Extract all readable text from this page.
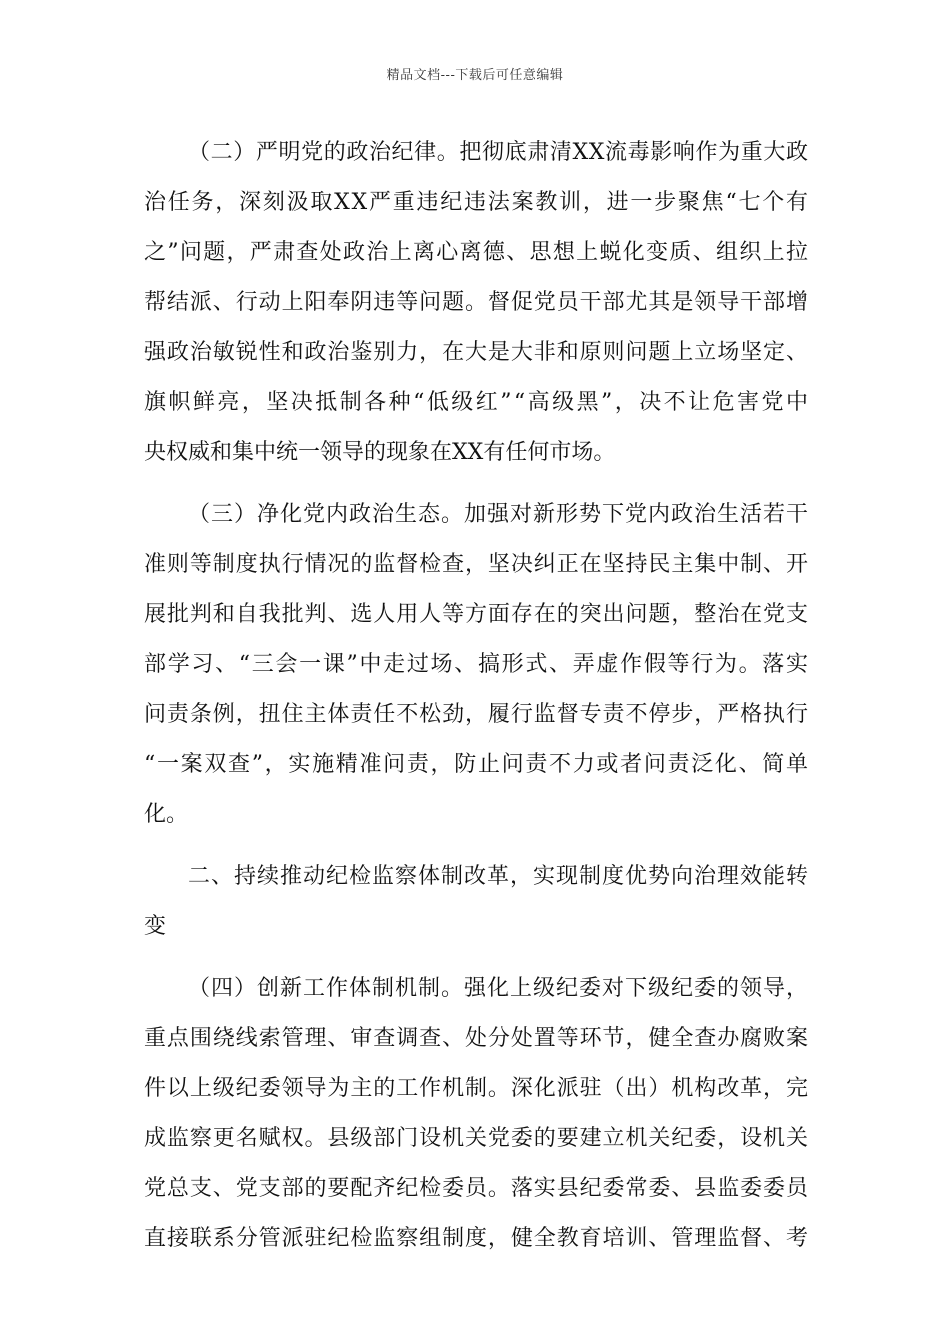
精品文档---下载后可任意编辑
（二）严明党的政治纪律。把彻底肃清XX流毒影响作为重大政
治任务，深刻汲取XX严重违纪违法案教训，进一步聚焦“七个有
之”问题，严肃查处政治上离心离德、思想上蜕化变质、组织上拉
帮结派、行动上阳奉阴违等问题。督促党员干部尤其是领导干部增
强政治敏锐性和政治鉴别力，在大是大非和原则问题上立场坚定、
旗帜鲜亮，坚决抵制各种“低级红”“高级黑”，决不让危害党中
央权威和集中统一领导的现象在XX有任何市场。
（三）净化党内政治生态。加强对新形势下党内政治生活若干
准则等制度执行情况的监督检查，坚决纠正在坚持民主集中制、开
展批判和自我批判、选人用人等方面存在的突出问题，整治在党支
部学习、“三会一课”中走过场、搞形式、弄虚作假等行为。落实
问责条例，扭住主体责任不松劲，履行监督专责不停步，严格执行
“一案双查”，实施精准问责，防止问责不力或者问责泛化、简单
化。
二、持续推动纪检监察体制改革，实现制度优势向治理效能转
变
（四）创新工作体制机制。强化上级纪委对下级纪委的领导，
重点围绕线索管理、审查调查、处分处置等环节，健全查办腐败案
件以上级纪委领导为主的工作机制。深化派驻（出）机构改革，完
成监察更名赋权。县级部门设机关党委的要建立机关纪委，设机关
党总支、党支部的要配齐纪检委员。落实县纪委常委、县监委委员
直接联系分管派驻纪检监察组制度，健全教育培训、管理监督、考
